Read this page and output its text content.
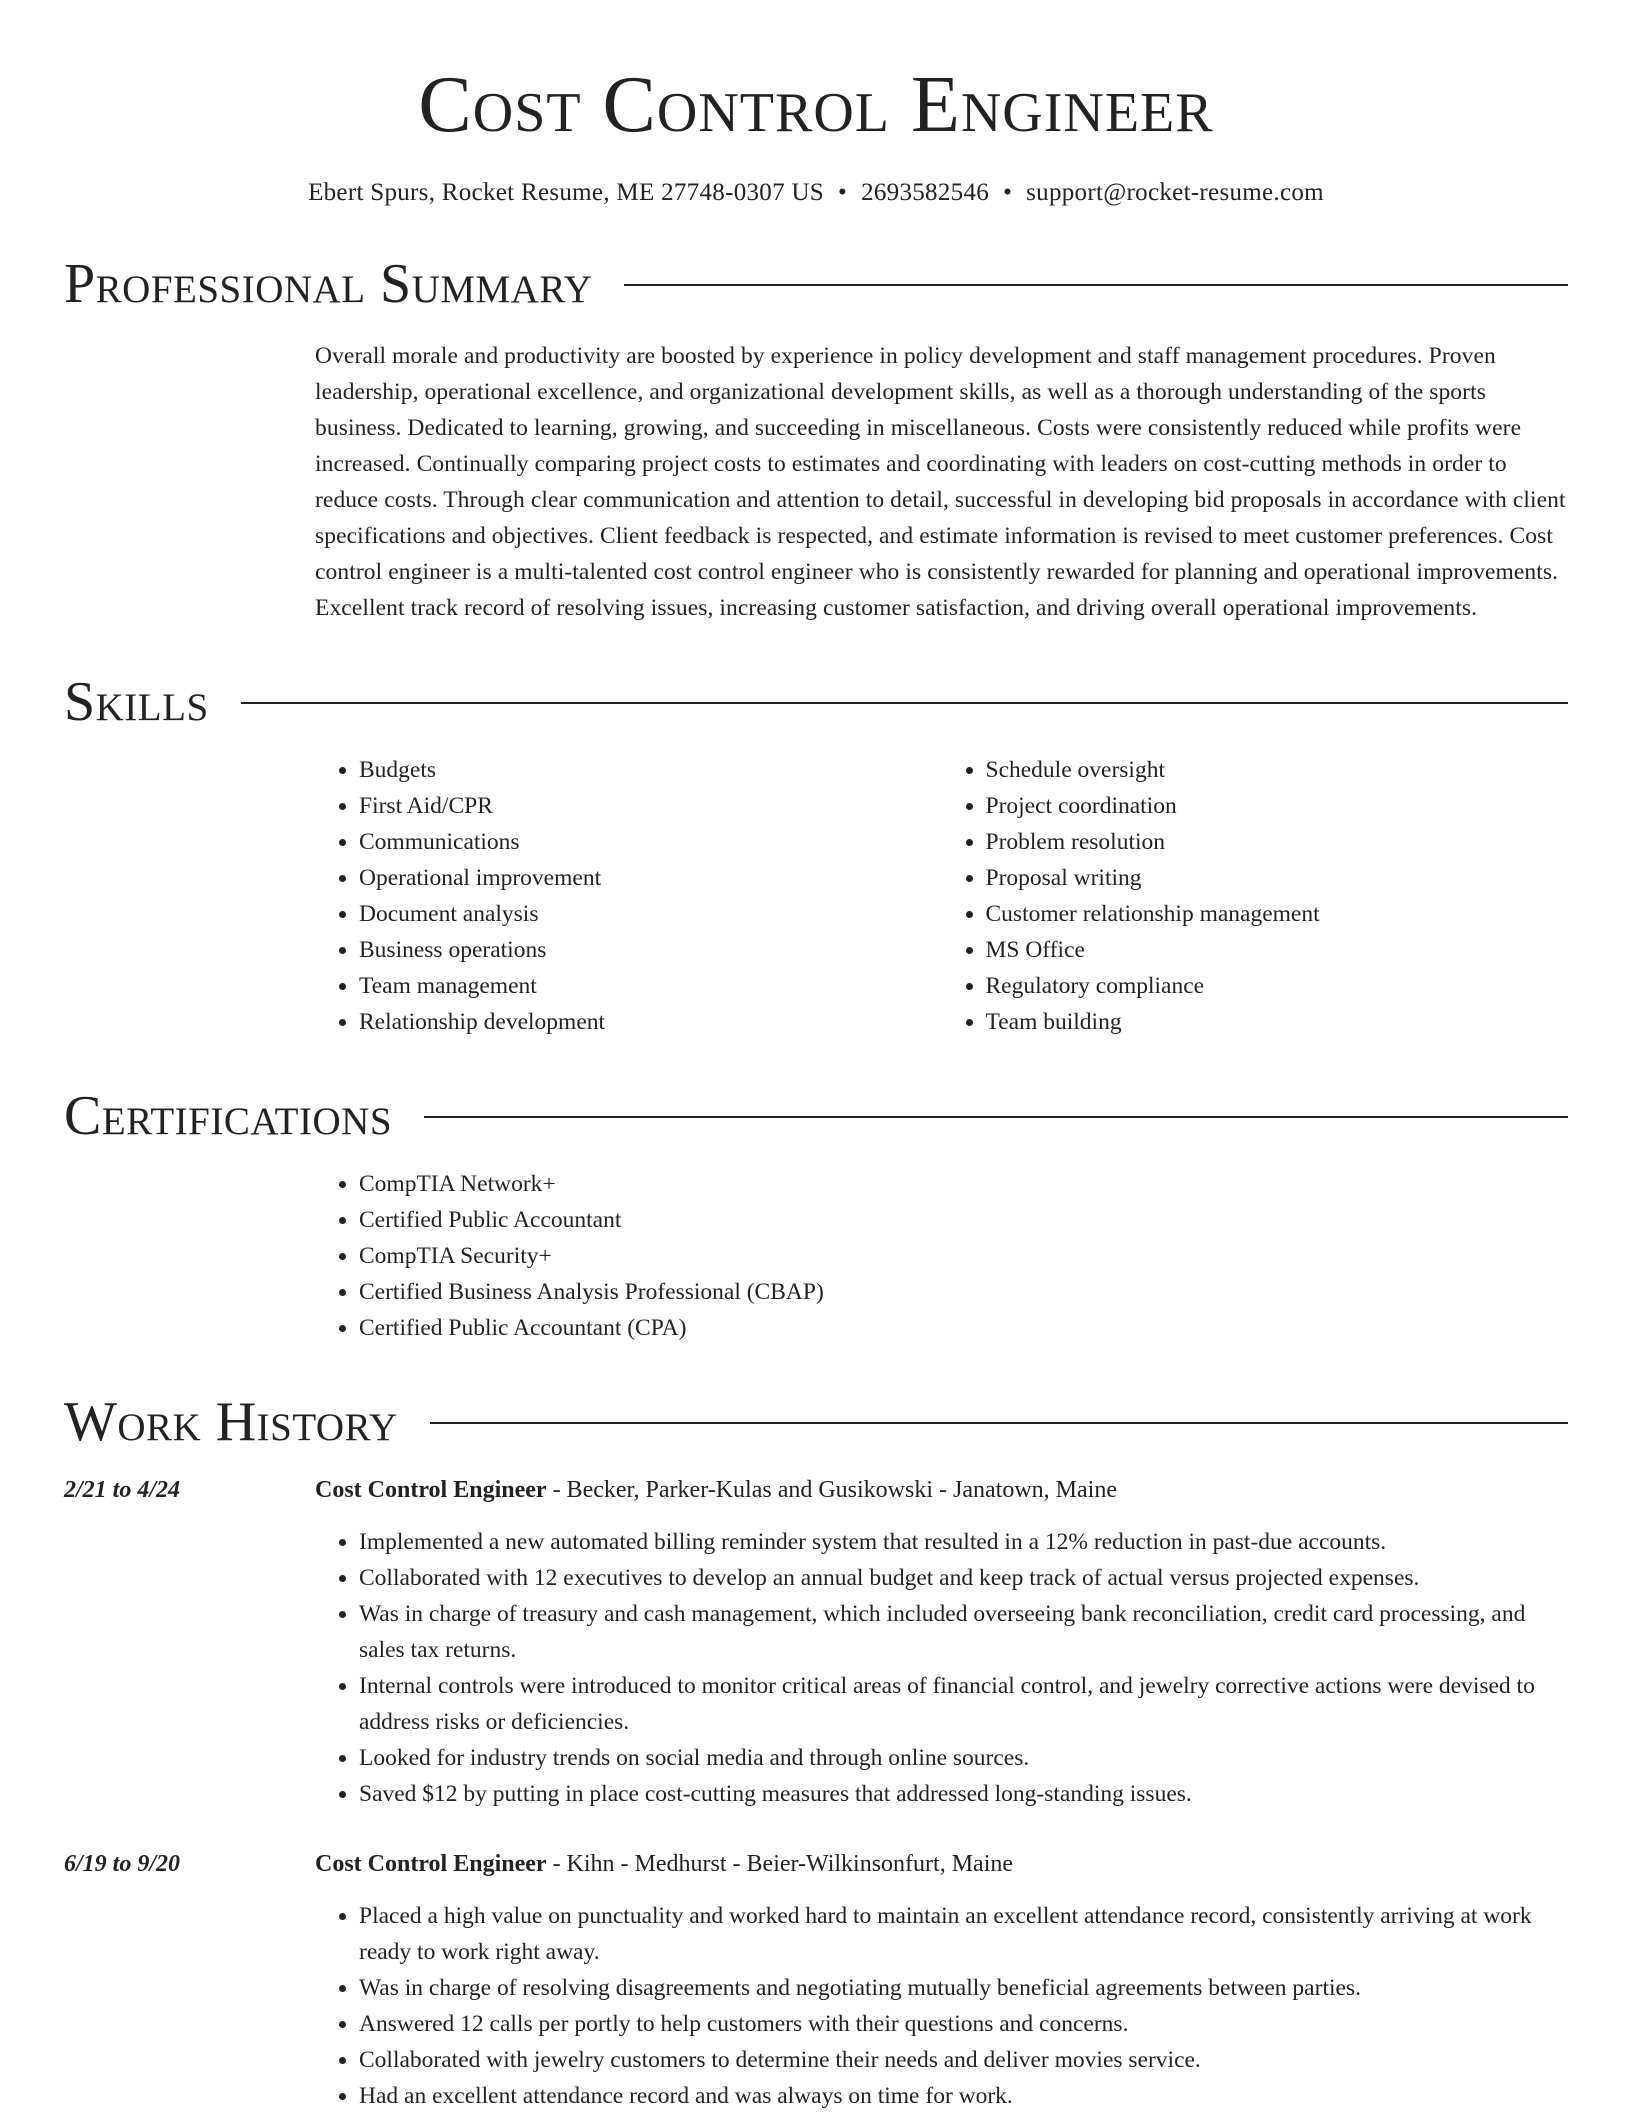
Cost Control Engineer
Ebert Spurs, Rocket Resume, ME 27748-0307 US • 2693582546 • support@rocket-resume.com
Professional Summary
Overall morale and productivity are boosted by experience in policy development and staff management procedures. Proven leadership, operational excellence, and organizational development skills, as well as a thorough understanding of the sports business. Dedicated to learning, growing, and succeeding in miscellaneous. Costs were consistently reduced while profits were increased. Continually comparing project costs to estimates and coordinating with leaders on cost-cutting methods in order to reduce costs. Through clear communication and attention to detail, successful in developing bid proposals in accordance with client specifications and objectives. Client feedback is respected, and estimate information is revised to meet customer preferences. Cost control engineer is a multi-talented cost control engineer who is consistently rewarded for planning and operational improvements. Excellent track record of resolving issues, increasing customer satisfaction, and driving overall operational improvements.
Skills
• Budgets
• First Aid/CPR
• Communications
• Operational improvement
• Document analysis
• Business operations
• Team management
• Relationship development
• Schedule oversight
• Project coordination
• Problem resolution
• Proposal writing
• Customer relationship management
• MS Office
• Regulatory compliance
• Team building
Certifications
• CompTIA Network+
• Certified Public Accountant
• CompTIA Security+
• Certified Business Analysis Professional (CBAP)
• Certified Public Accountant (CPA)
Work History
2/21 to 4/24	Cost Control Engineer - Becker, Parker-Kulas and Gusikowski - Janatown, Maine
• Implemented a new automated billing reminder system that resulted in a 12% reduction in past-due accounts.
• Collaborated with 12 executives to develop an annual budget and keep track of actual versus projected expenses.
• Was in charge of treasury and cash management, which included overseeing bank reconciliation, credit card processing, and sales tax returns.
• Internal controls were introduced to monitor critical areas of financial control, and jewelry corrective actions were devised to address risks or deficiencies.
• Looked for industry trends on social media and through online sources.
• Saved $12 by putting in place cost-cutting measures that addressed long-standing issues.
6/19 to 9/20	Cost Control Engineer - Kihn - Medhurst - Beier-Wilkinsonfurt, Maine
• Placed a high value on punctuality and worked hard to maintain an excellent attendance record, consistently arriving at work ready to work right away.
• Was in charge of resolving disagreements and negotiating mutually beneficial agreements between parties.
• Answered 12 calls per portly to help customers with their questions and concerns.
• Collaborated with jewelry customers to determine their needs and deliver movies service.
• Had an excellent attendance record and was always on time for work.
